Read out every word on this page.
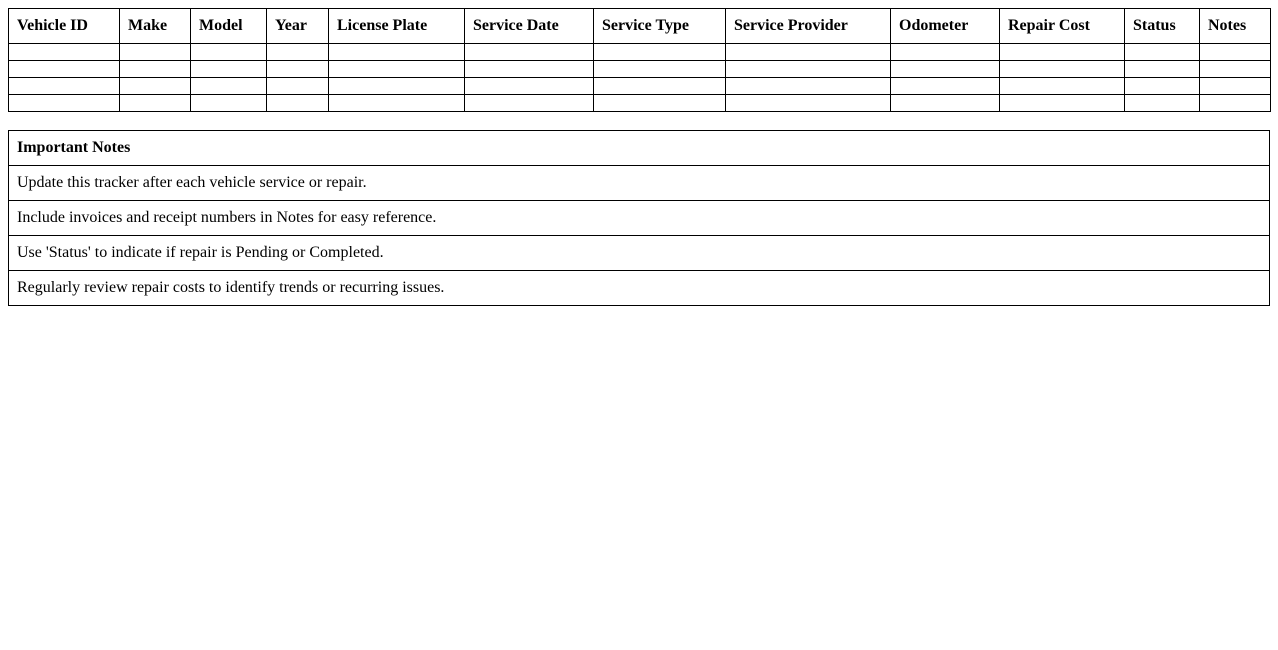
Vehicle ID	Make	Model	Year	License Plate	Service Date	Service Type	Service Provider	Odometer	Repair Cost	Status	Notes

Important Notes
Update this tracker after each vehicle service or repair.
Include invoices and receipt numbers in Notes for easy reference.
Use 'Status' to indicate if repair is Pending or Completed.
Regularly review repair costs to identify trends or recurring issues.
